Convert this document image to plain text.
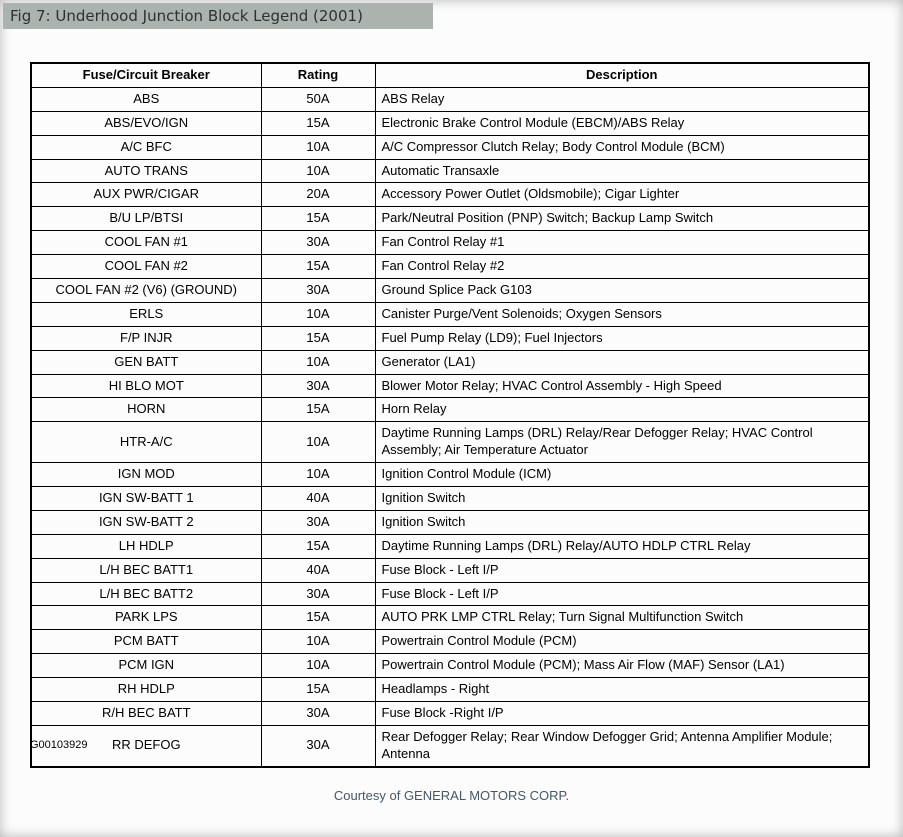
Fig 7: Underhood Junction Block Legend (2001)
Fuse/Circuit Breaker	Rating	Description
ABS	50A	ABS Relay
ABS/EVO/IGN	15A	Electronic Brake Control Module (EBCM)/ABS Relay
A/C BFC	10A	A/C Compressor Clutch Relay; Body Control Module (BCM)
AUTO TRANS	10A	Automatic Transaxle
AUX PWR/CIGAR	20A	Accessory Power Outlet (Oldsmobile); Cigar Lighter
B/U LP/BTSI	15A	Park/Neutral Position (PNP) Switch; Backup Lamp Switch
COOL FAN #1	30A	Fan Control Relay #1
COOL FAN #2	15A	Fan Control Relay #2
COOL FAN #2 (V6) (GROUND)	30A	Ground Splice Pack G103
ERLS	10A	Canister Purge/Vent Solenoids; Oxygen Sensors
F/P INJR	15A	Fuel Pump Relay (LD9); Fuel Injectors
GEN BATT	10A	Generator (LA1)
HI BLO MOT	30A	Blower Motor Relay; HVAC Control Assembly - High Speed
HORN	15A	Horn Relay
HTR-A/C	10A	Daytime Running Lamps (DRL) Relay/Rear Defogger Relay; HVAC Control Assembly; Air Temperature Actuator
IGN MOD	10A	Ignition Control Module (ICM)
IGN SW-BATT 1	40A	Ignition Switch
IGN SW-BATT 2	30A	Ignition Switch
LH HDLP	15A	Daytime Running Lamps (DRL) Relay/AUTO HDLP CTRL Relay
L/H BEC BATT1	40A	Fuse Block - Left I/P
L/H BEC BATT2	30A	Fuse Block - Left I/P
PARK LPS	15A	AUTO PRK LMP CTRL Relay; Turn Signal Multifunction Switch
PCM BATT	10A	Powertrain Control Module (PCM)
PCM IGN	10A	Powertrain Control Module (PCM); Mass Air Flow (MAF) Sensor (LA1)
RH HDLP	15A	Headlamps - Right
R/H BEC BATT	30A	Fuse Block -Right I/P
RR DEFOG	30A	Rear Defogger Relay; Rear Window Defogger Grid; Antenna Amplifier Module; Antenna
G00103929
Courtesy of GENERAL MOTORS CORP.
